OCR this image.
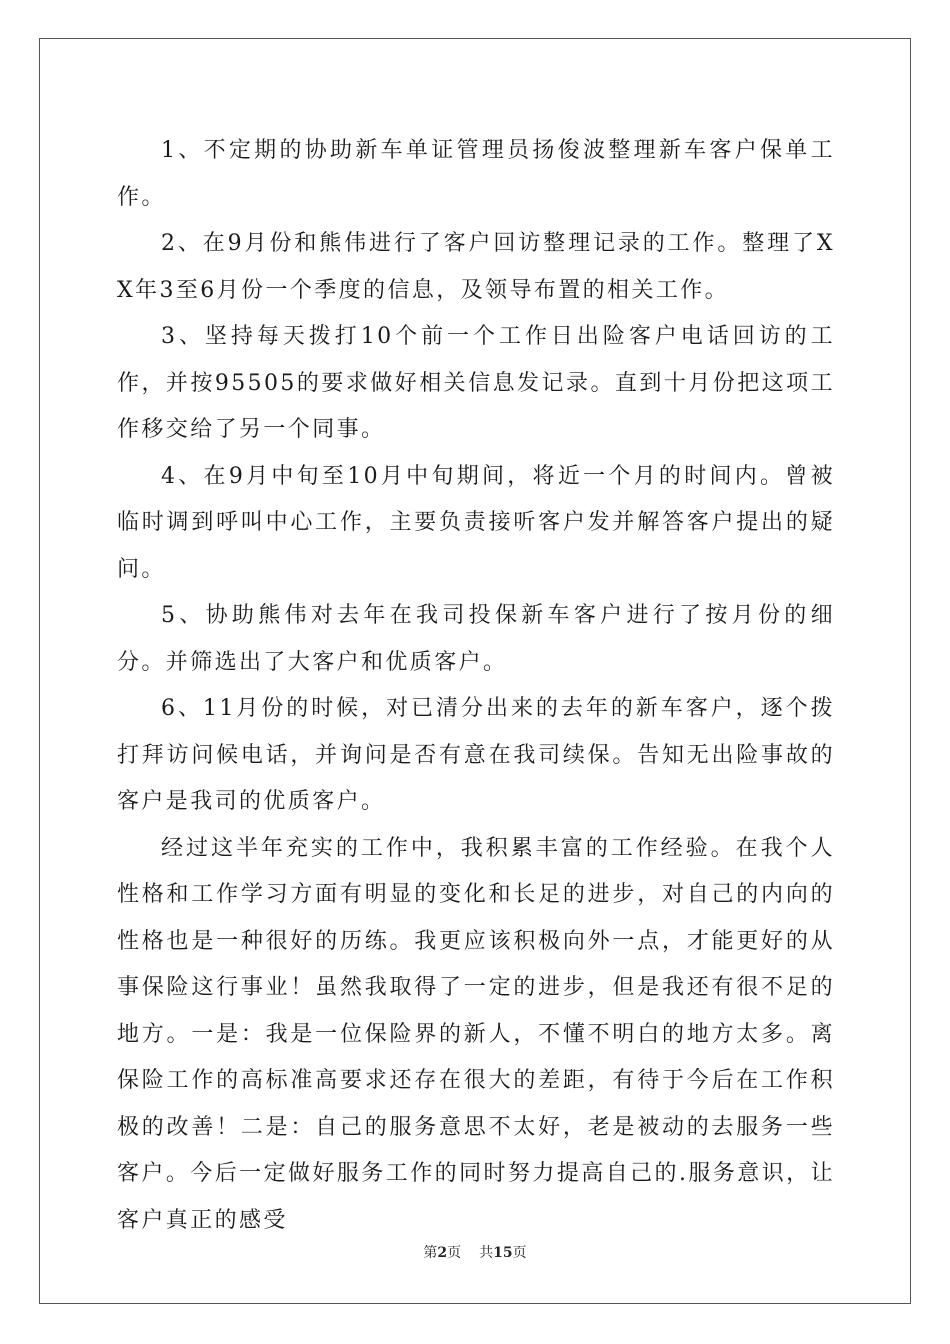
1、不定期的协助新车单证管理员扬俊波整理新车客户保单工作。

2、在9月份和熊伟进行了客户回访整理记录的工作。整理了XX年3至6月份一个季度的信息，及领导布置的相关工作。

3、坚持每天拨打10个前一个工作日出险客户电话回访的工作，并按95505的要求做好相关信息发记录。直到十月份把这项工作移交给了另一个同事。

4、在9月中旬至10月中旬期间，将近一个月的时间内。曾被临时调到呼叫中心工作，主要负责接听客户发并解答客户提出的疑问。

5、协助熊伟对去年在我司投保新车客户进行了按月份的细分。并筛选出了大客户和优质客户。

6、11月份的时候，对已清分出来的去年的新车客户，逐个拨打拜访问候电话，并询问是否有意在我司续保。告知无出险事故的客户是我司的优质客户。

经过这半年充实的工作中，我积累丰富的工作经验。在我个人性格和工作学习方面有明显的变化和长足的进步，对自己的内向的性格也是一种很好的历练。我更应该积极向外一点，才能更好的从事保险这行事业！虽然我取得了一定的进步，但是我还有很不足的地方。一是：我是一位保险界的新人，不懂不明白的地方太多。离保险工作的高标准高要求还存在很大的差距，有待于今后在工作积极的改善！二是：自己的服务意思不太好，老是被动的去服务一些客户。今后一定做好服务工作的同时努力提高自己的.服务意识，让客户真正的感受

第2页 共15页
